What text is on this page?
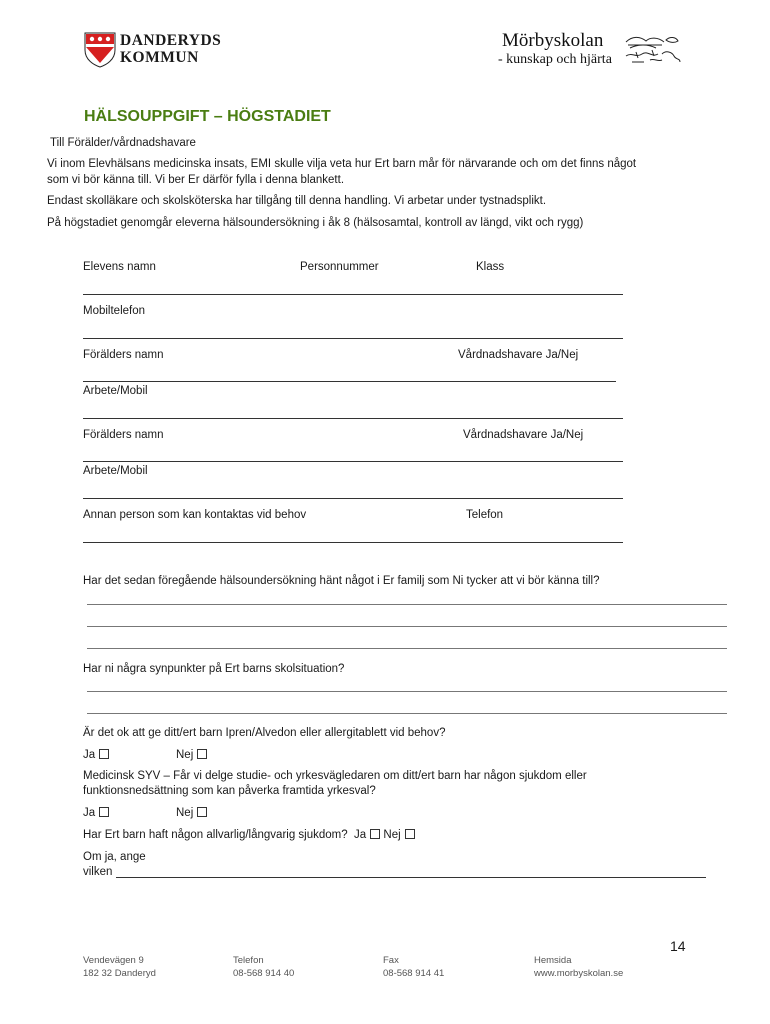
DANDERYDS
KOMMUN
Mörbyskolan
- kunskap och hjärta
HÄLSOUPPGIFT – HÖGSTADIET
Till Förälder/vårdnadshavare
Vi inom Elevhälsans medicinska insats, EMI skulle vilja veta hur Ert barn mår för närvarande och om det finns något
som vi bör känna till. Vi ber Er därför fylla i denna blankett.
Endast skolläkare och skolsköterska har tillgång till denna handling. Vi arbetar under tystnadsplikt.
På högstadiet genomgår eleverna hälsoundersökning i åk 8 (hälsosamtal, kontroll av längd, vikt och rygg)
Elevens namn	Personnummer	Klass
Mobiltelefon
Förälders namn	Vårdnadshavare Ja/Nej
Arbete/Mobil
Förälders namn	Vårdnadshavare Ja/Nej
Arbete/Mobil
Annan person som kan kontaktas vid behov	Telefon
Har det sedan föregående hälsoundersökning hänt något i Er familj som Ni tycker att vi bör känna till?
Har ni några synpunkter på Ert barns skolsituation?
Är det ok att ge ditt/ert barn Ipren/Alvedon eller allergitablett vid behov?
Ja	Nej
Medicinsk SYV – Får vi delge studie- och yrkesvägledaren om ditt/ert barn har någon sjukdom eller
funktionsnedsättning som kan påverka framtida yrkesval?
Ja	Nej
Har Ert barn haft någon allvarlig/långvarig sjukdom? Ja Nej
Om ja, ange
vilken
14
Vendevägen 9
182 32 Danderyd
Telefon
08-568 914 40
Fax
08-568 914 41
Hemsida
www.morbyskolan.se
